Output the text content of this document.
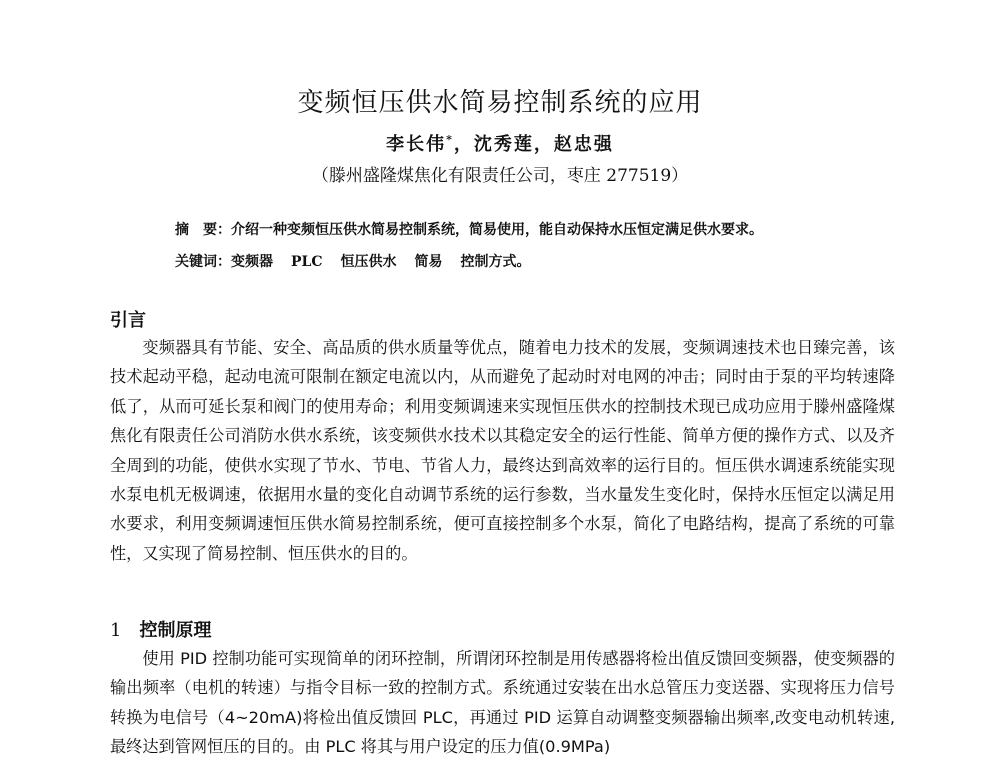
变频恒压供水简易控制系统的应用
李长伟*，沈秀莲，赵忠强
（滕州盛隆煤焦化有限责任公司，枣庄 277519）
摘　要：介绍一种变频恒压供水简易控制系统，简易使用，能自动保持水压恒定满足供水要求。
关键词：变频器 PLC 恒压供水 简易 控制方式。
引言

变频器具有节能、安全、高品质的供水质量等优点，随着电力技术的发展，变频调速技术也日臻完善，该技术起动平稳，起动电流可限制在额定电流以内，从而避免了起动时对电网的冲击；同时由于泵的平均转速降低了，从而可延长泵和阀门的使用寿命；利用变频调速来实现恒压供水的控制技术现已成功应用于滕州盛隆煤焦化有限责任公司消防水供水系统，该变频供水技术以其稳定安全的运行性能、简单方便的操作方式、以及齐全周到的功能，使供水实现了节水、节电、节省人力，最终达到高效率的运行目的。恒压供水调速系统能实现水泵电机无极调速，依据用水量的变化自动调节系统的运行参数，当水量发生变化时，保持水压恒定以满足用水要求，利用变频调速恒压供水简易控制系统，便可直接控制多个水泵，简化了电路结构，提高了系统的可靠性，又实现了简易控制、恒压供水的目的。

1 控制原理

使用 PID 控制功能可实现简单的闭环控制，所谓闭环控制是用传感器将检出值反馈回变频器，使变频器的输出频率（电机的转速）与指令目标一致的控制方式。系统通过安装在出水总管压力变送器、实现将压力信号转换为电信号（4~20mA)将检出值反馈回 PLC，再通过 PID 运算自动调整变频器输出频率,改变电动机转速,最终达到管网恒压的目的。由 PLC 将其与用户设定的压力值(0.9MPa)
